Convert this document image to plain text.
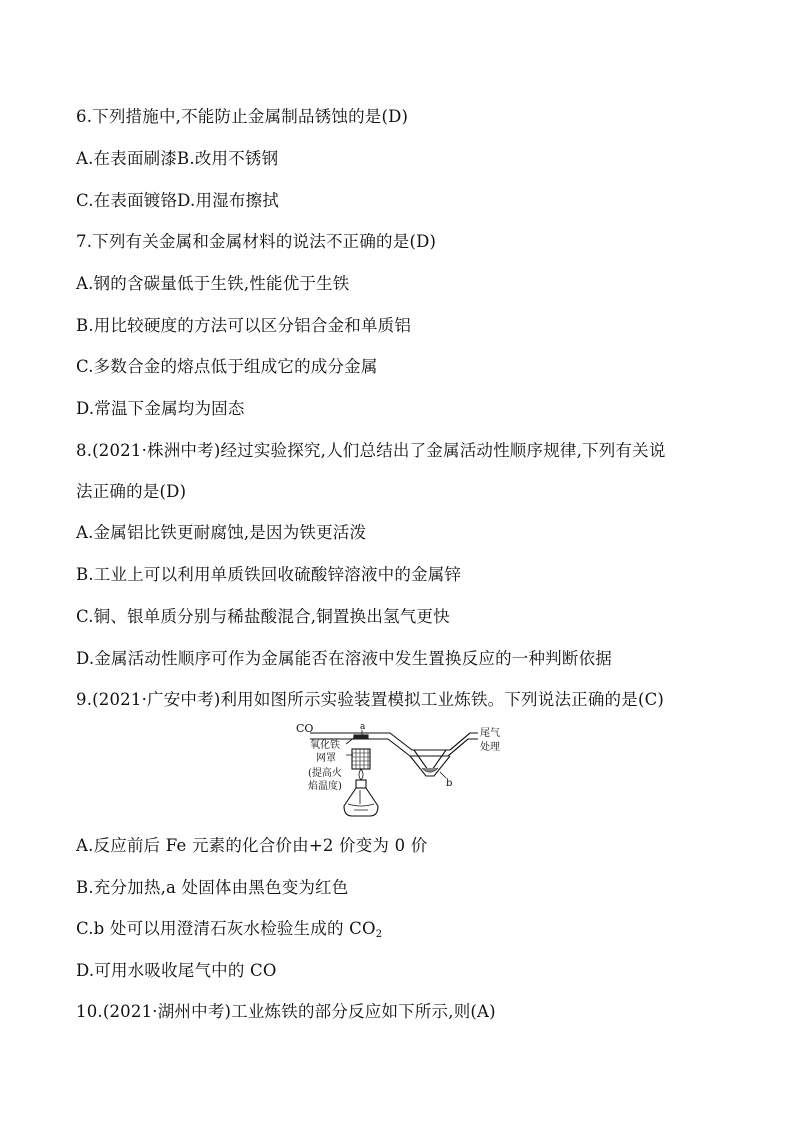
6.下列措施中,不能防止金属制品锈蚀的是(D)
A.在表面刷漆B.改用不锈钢
C.在表面镀铬D.用湿布擦拭
7.下列有关金属和金属材料的说法不正确的是(D)
A.钢的含碳量低于生铁,性能优于生铁
B.用比较硬度的方法可以区分铝合金和单质铝
C.多数合金的熔点低于组成它的成分金属
D.常温下金属均为固态
8.(2021·株洲中考)经过实验探究,人们总结出了金属活动性顺序规律,下列有关说
法正确的是(D)
A.金属铝比铁更耐腐蚀,是因为铁更活泼
B.工业上可以利用单质铁回收硫酸锌溶液中的金属锌
C.铜、银单质分别与稀盐酸混合,铜置换出氢气更快
D.金属活动性顺序可作为金属能否在溶液中发生置换反应的一种判断依据
9.(2021·广安中考)利用如图所示实验装置模拟工业炼铁。下列说法正确的是(C)
CO	a
b
氧化铁
网罩
(提高火
焰温度)
尾气
处理
A.反应前后 Fe 元素的化合价由+2 价变为 0 价
B.充分加热,a 处固体由黑色变为红色
C.b 处可以用澄清石灰水检验生成的 $CO_2$
D.可用水吸收尾气中的 CO
10.(2021·湖州中考)工业炼铁的部分反应如下所示,则(A)
